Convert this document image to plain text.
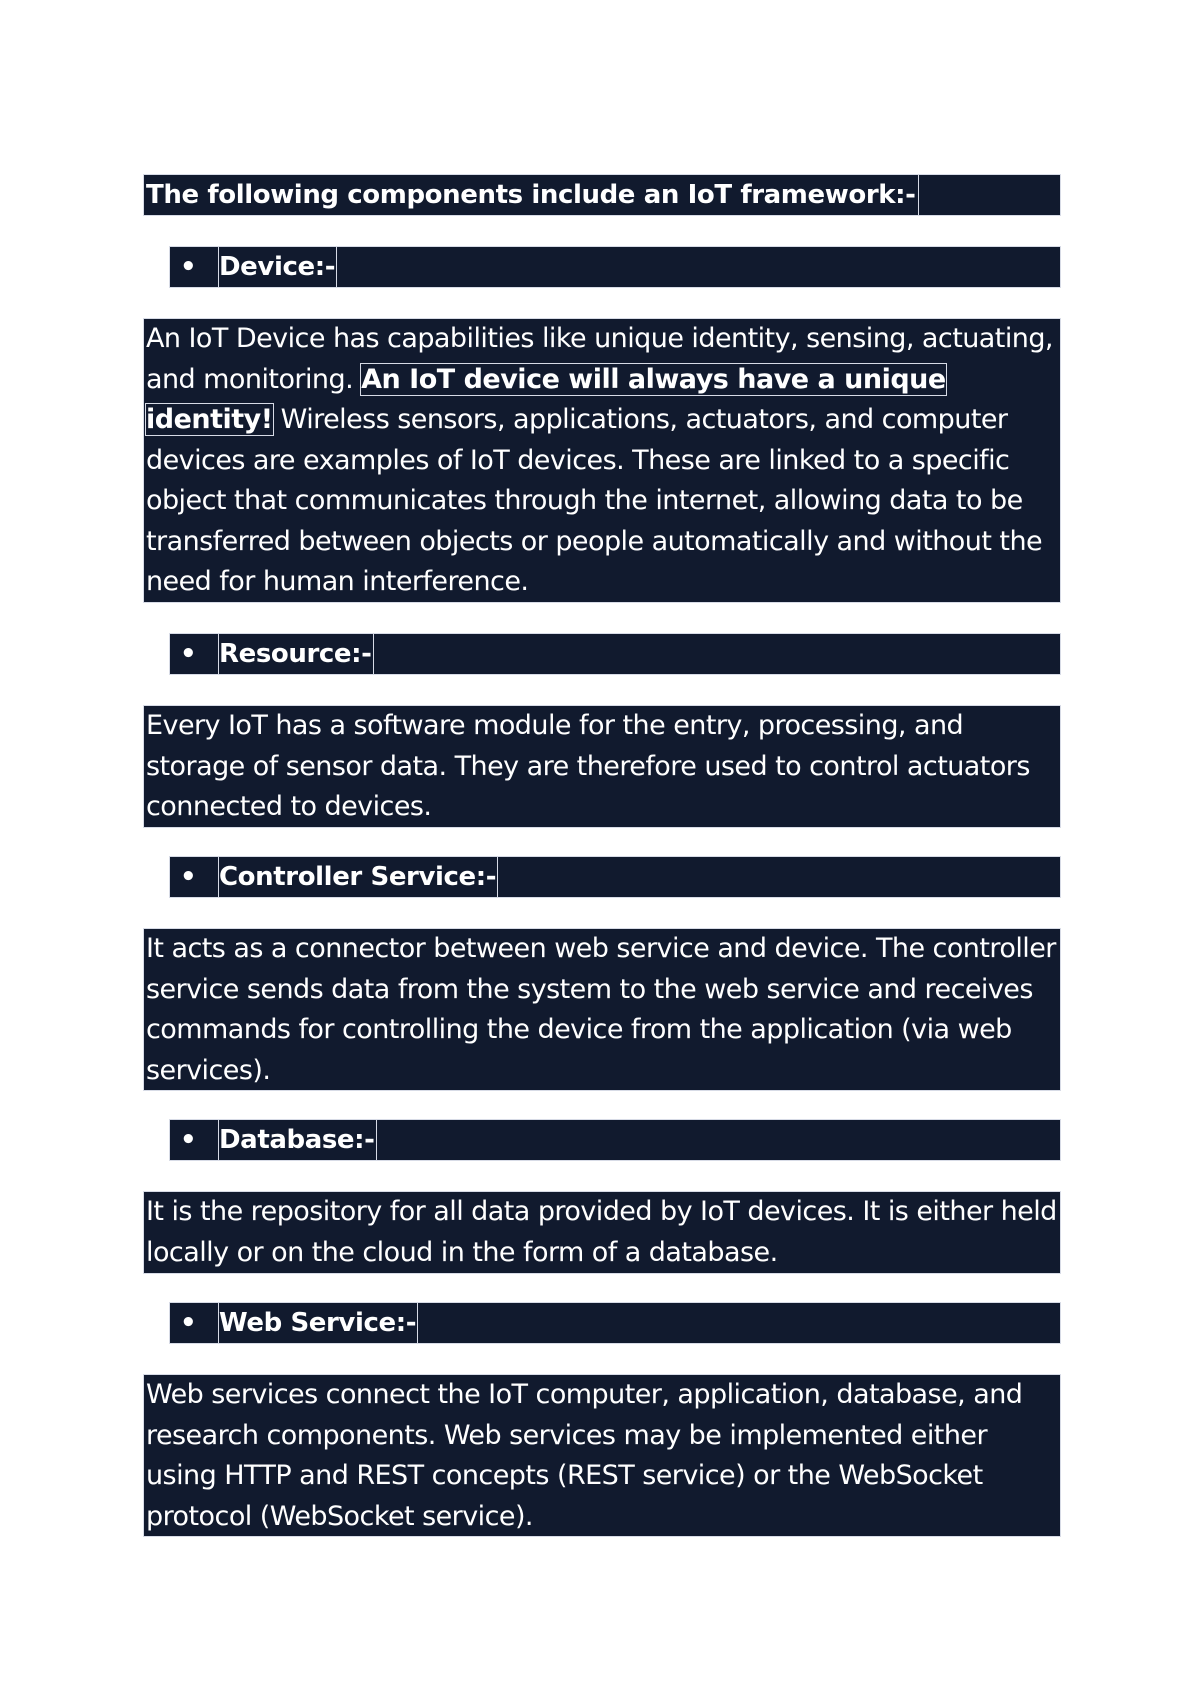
The following components include an IoT framework:-
• Device:-
An IoT Device has capabilities like unique identity, sensing, actuating, and monitoring. An IoT device will always have a unique identity! Wireless sensors, applications, actuators, and computer devices are examples of IoT devices. These are linked to a specific object that communicates through the internet, allowing data to be transferred between objects or people automatically and without the need for human interference.
• Resource:-
Every IoT has a software module for the entry, processing, and storage of sensor data. They are therefore used to control actuators connected to devices.
• Controller Service:-
It acts as a connector between web service and device. The controller service sends data from the system to the web service and receives commands for controlling the device from the application (via web services).
• Database:-
It is the repository for all data provided by IoT devices. It is either held locally or on the cloud in the form of a database.
• Web Service:-
Web services connect the IoT computer, application, database, and research components. Web services may be implemented either using HTTP and REST concepts (REST service) or the WebSocket protocol (WebSocket service).
